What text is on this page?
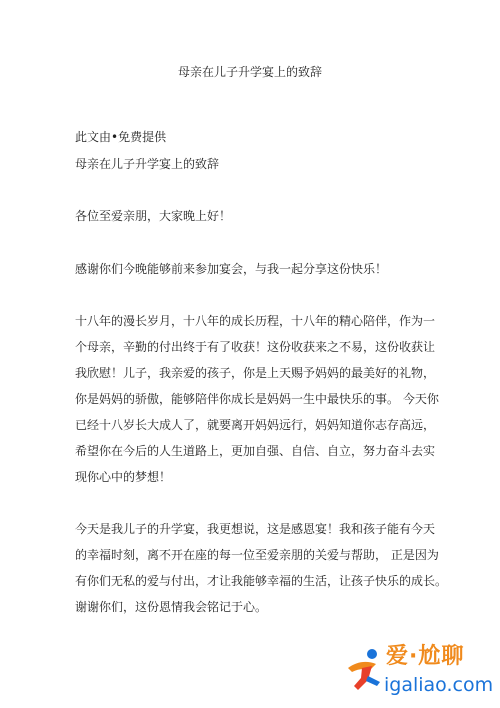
母亲在儿子升学宴上的致辞
此文由•免费提供
母亲在儿子升学宴上的致辞
各位至爱亲朋，大家晚上好！
感谢你们今晚能够前来参加宴会，与我一起分享这份快乐！
十八年的漫长岁月，十八年的成长历程，十八年的精心陪伴，作为一
个母亲，辛勤的付出终于有了收获！这份收获来之不易，这份收获让
我欣慰！儿子，我亲爱的孩子，你是上天赐予妈妈的最美好的礼物，
你是妈妈的骄傲，能够陪伴你成长是妈妈一生中最快乐的事。 今天你
已经十八岁长大成人了，就要离开妈妈远行，妈妈知道你志存高远，
希望你在今后的人生道路上，更加自强、自信、自立，努力奋斗去实
现你心中的梦想！
今天是我儿子的升学宴，我更想说，这是感恩宴！我和孩子能有今天
的幸福时刻，离不开在座的每一位至爱亲朋的关爱与帮助， 正是因为
有你们无私的爱与付出，才让我能够幸福的生活，让孩子快乐的成长。
谢谢你们，这份恩情我会铭记于心。
爱·尬聊
igaliao.com
